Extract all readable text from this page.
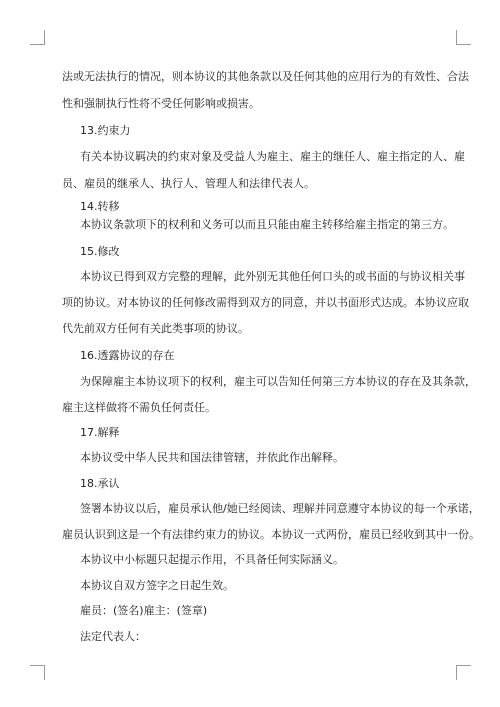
法或无法执行的情况，则本协议的其他条款以及任何其他的应用行为的有效性、合法
性和强制执行性将不受任何影响或损害。
13.约束力
有关本协议羁决的约束对象及受益人为雇主、雇主的继任人、雇主指定的人、雇
员、雇员的继承人、执行人、管理人和法律代表人。
14.转移
本协议条款项下的权利和义务可以而且只能由雇主转移给雇主指定的第三方。
15.修改
本协议已得到双方完整的理解，此外别无其他任何口头的或书面的与协议相关事
项的协议。对本协议的任何修改需得到双方的同意，并以书面形式达成。本协议应取
代先前双方任何有关此类事项的协议。
16.透露协议的存在
为保障雇主本协议项下的权利，雇主可以告知任何第三方本协议的存在及其条款，
雇主这样做将不需负任何责任。
17.解释
本协议受中华人民共和国法律管辖，并依此作出解释。
18.承认
签署本协议以后，雇员承认他/她已经阅读、理解并同意遵守本协议的每一个承诺，
雇员认识到这是一个有法律约束力的协议。本协议一式两份，雇员已经收到其中一份。
本协议中小标题只起提示作用，不具备任何实际涵义。
本协议自双方签字之日起生效。
雇员：(签名)雇主：(签章)
法定代表人：
